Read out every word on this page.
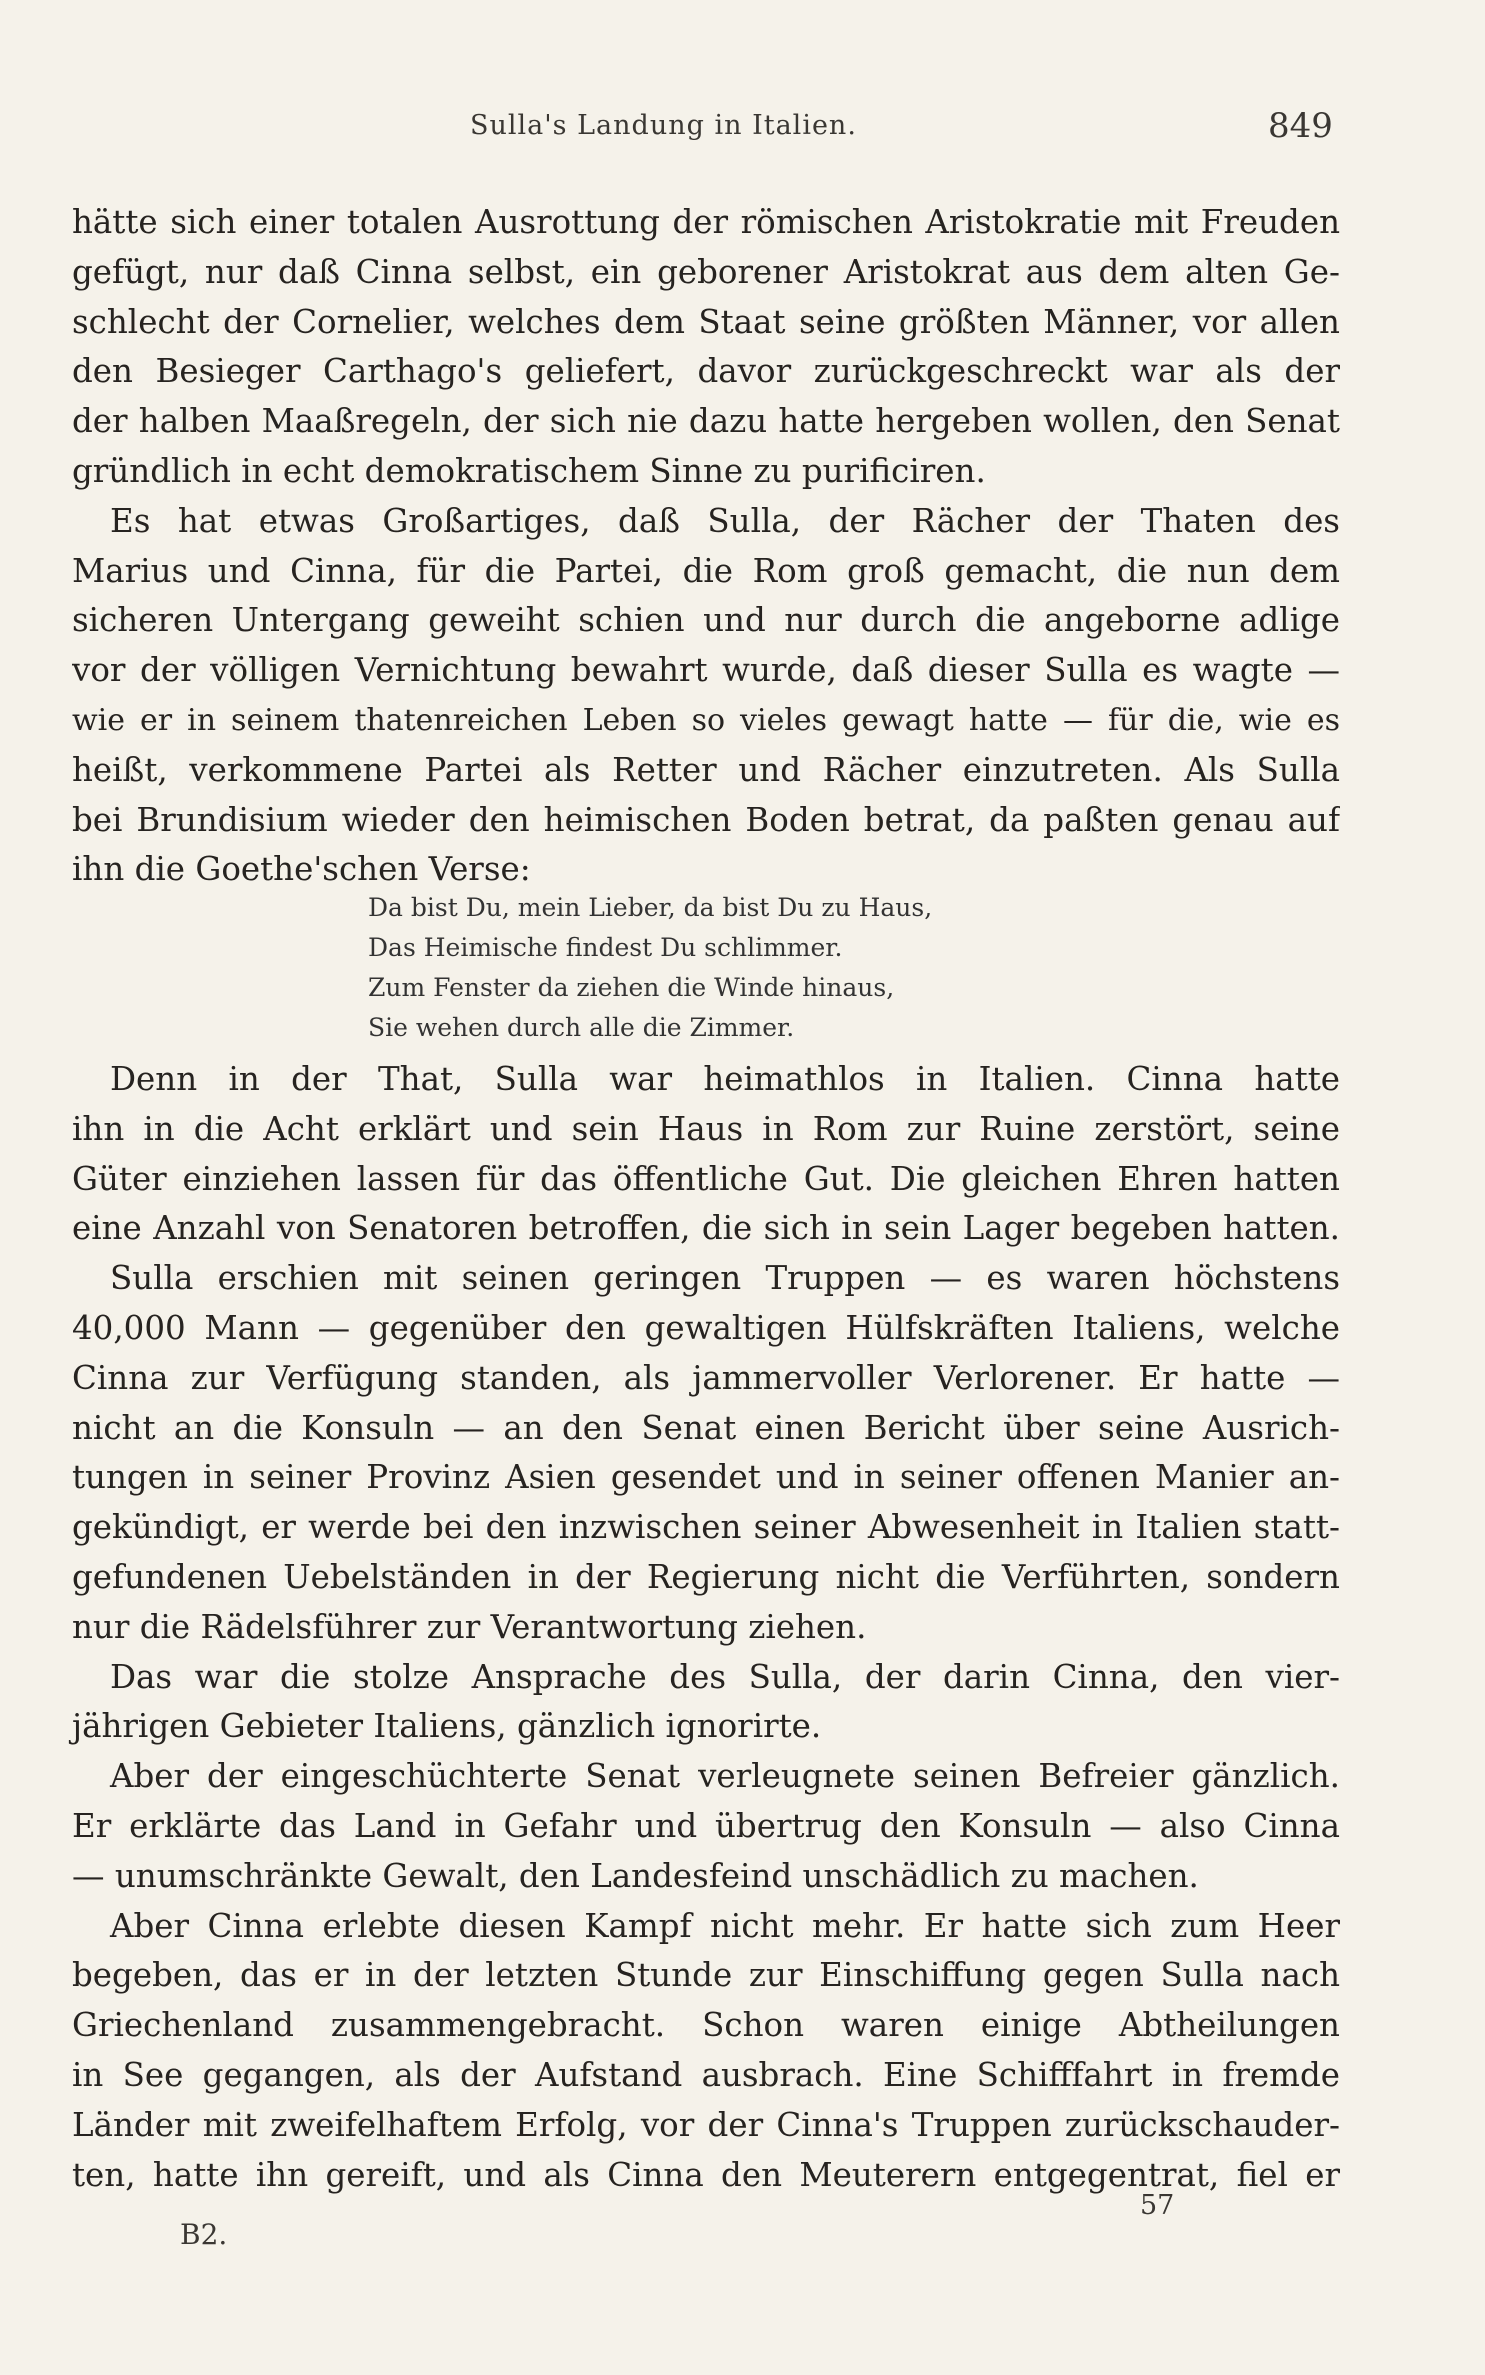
Sulla's Landung in Italien.	849
hätte sich einer totalen Ausrottung der römischen Aristokratie mit Freuden
gefügt, nur daß Cinna selbst, ein geborener Aristokrat aus dem alten Ge-
schlecht der Cornelier, welches dem Staat seine größten Männer, vor allen
den Besieger Carthago's geliefert, davor zurückgeschreckt war als der
der halben Maaßregeln, der sich nie dazu hatte hergeben wollen, den Senat
gründlich in echt demokratischem Sinne zu purificiren.
Es hat etwas Großartiges, daß Sulla, der Rächer der Thaten des
Marius und Cinna, für die Partei, die Rom groß gemacht, die nun dem
sicheren Untergang geweiht schien und nur durch die angeborne adlige
vor der völligen Vernichtung bewahrt wurde, daß dieser Sulla es wagte —
wie er in seinem thatenreichen Leben so vieles gewagt hatte — für die, wie es
heißt, verkommene Partei als Retter und Rächer einzutreten. Als Sulla
bei Brundisium wieder den heimischen Boden betrat, da paßten genau auf
ihn die Goethe'schen Verse:
Da bist Du, mein Lieber, da bist Du zu Haus,
Das Heimische findest Du schlimmer.
Zum Fenster da ziehen die Winde hinaus,
Sie wehen durch alle die Zimmer.
Denn in der That, Sulla war heimathlos in Italien. Cinna hatte
ihn in die Acht erklärt und sein Haus in Rom zur Ruine zerstört, seine
Güter einziehen lassen für das öffentliche Gut. Die gleichen Ehren hatten
eine Anzahl von Senatoren betroffen, die sich in sein Lager begeben hatten.
Sulla erschien mit seinen geringen Truppen — es waren höchstens
40,000 Mann — gegenüber den gewaltigen Hülfskräften Italiens, welche
Cinna zur Verfügung standen, als jammervoller Verlorener. Er hatte —
nicht an die Konsuln — an den Senat einen Bericht über seine Ausrich-
tungen in seiner Provinz Asien gesendet und in seiner offenen Manier an-
gekündigt, er werde bei den inzwischen seiner Abwesenheit in Italien statt-
gefundenen Uebelständen in der Regierung nicht die Verführten, sondern
nur die Rädelsführer zur Verantwortung ziehen.
Das war die stolze Ansprache des Sulla, der darin Cinna, den vier-
jährigen Gebieter Italiens, gänzlich ignorirte.
Aber der eingeschüchterte Senat verleugnete seinen Befreier gänzlich.
Er erklärte das Land in Gefahr und übertrug den Konsuln — also Cinna
— unumschränkte Gewalt, den Landesfeind unschädlich zu machen.
Aber Cinna erlebte diesen Kampf nicht mehr. Er hatte sich zum Heer
begeben, das er in der letzten Stunde zur Einschiffung gegen Sulla nach
Griechenland zusammengebracht. Schon waren einige Abtheilungen
in See gegangen, als der Aufstand ausbrach. Eine Schifffahrt in fremde
Länder mit zweifelhaftem Erfolg, vor der Cinna's Truppen zurückschauder-
ten, hatte ihn gereift, und als Cinna den Meuterern entgegentrat, fiel er
57
B2.
